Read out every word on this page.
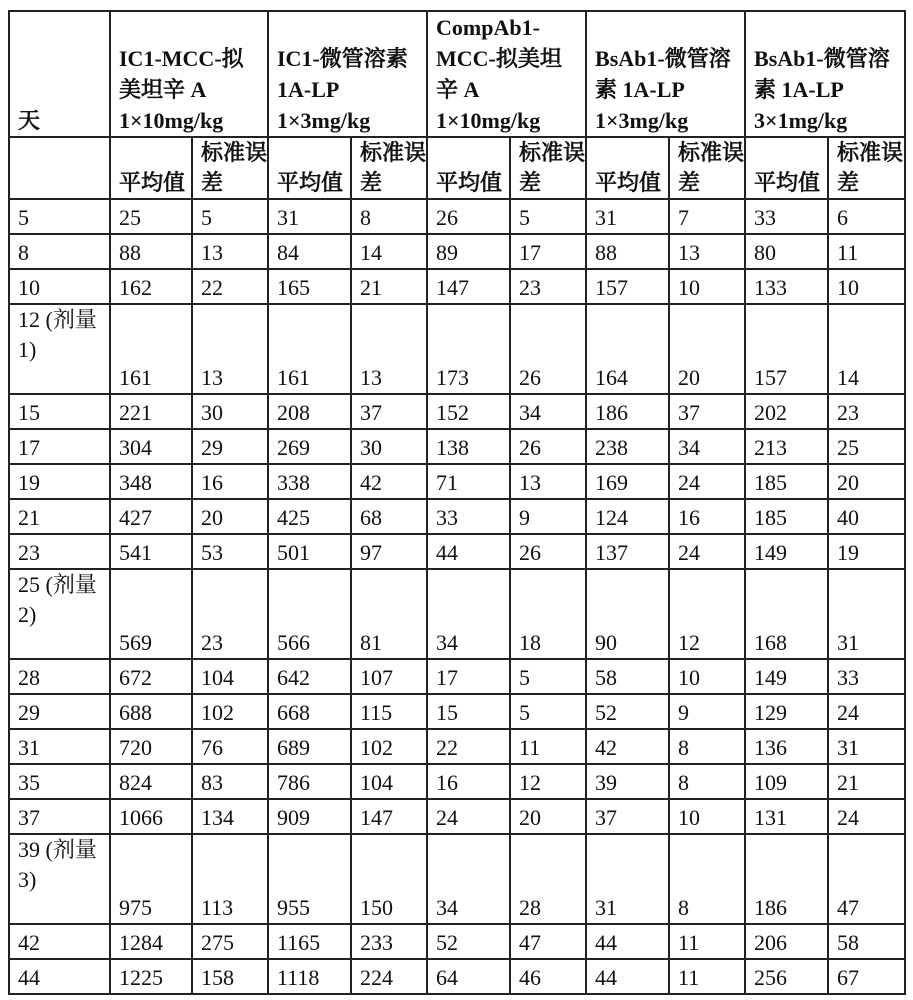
天	IC1-MCC-拟美坦辛 A 1×10mg/kg	IC1-微管溶素 1A-LP 1×3mg/kg	CompAb1-MCC-拟美坦辛 A 1×10mg/kg	BsAb1-微管溶素 1A-LP 1×3mg/kg	BsAb1-微管溶素 1A-LP 3×1mg/kg
	平均值	标准误差	平均值	标准误差	平均值	标准误差	平均值	标准误差	平均值	标准误差
5	25	5	31	8	26	5	31	7	33	6
8	88	13	84	14	89	17	88	13	80	11
10	162	22	165	21	147	23	157	10	133	10
12 (剂量1)	161	13	161	13	173	26	164	20	157	14
15	221	30	208	37	152	34	186	37	202	23
17	304	29	269	30	138	26	238	34	213	25
19	348	16	338	42	71	13	169	24	185	20
21	427	20	425	68	33	9	124	16	185	40
23	541	53	501	97	44	26	137	24	149	19
25 (剂量2)	569	23	566	81	34	18	90	12	168	31
28	672	104	642	107	17	5	58	10	149	33
29	688	102	668	115	15	5	52	9	129	24
31	720	76	689	102	22	11	42	8	136	31
35	824	83	786	104	16	12	39	8	109	21
37	1066	134	909	147	24	20	37	10	131	24
39 (剂量3)	975	113	955	150	34	28	31	8	186	47
42	1284	275	1165	233	52	47	44	11	206	58
44	1225	158	1118	224	64	46	44	11	256	67
